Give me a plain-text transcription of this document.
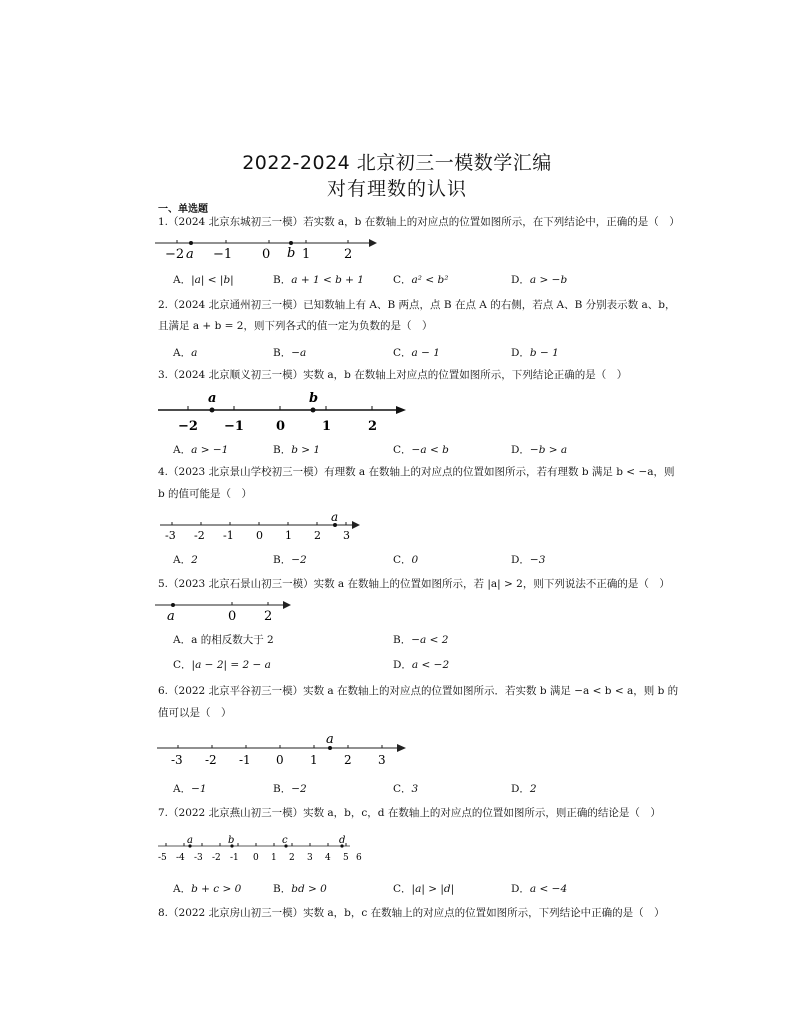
2022-2024 北京初三一模数学汇编
对有理数的认识
一、单选题
1.（2024 北京东城初三一模）若实数 a，b 在数轴上的对应点的位置如图所示，在下列结论中，正确的是（　）
−2 a −1 0 b 1	2
A．|a| < |b|	B．a + 1 < b + 1	C．a² < b²	D．a > −b
2.（2024 北京通州初三一模）已知数轴上有 A、B 两点，点 B 在点 A 的右侧，若点 A、B 分别表示数 a、b，
且满足 a + b = 2，则下列各式的值一定为负数的是（　）
A．a	B．−a	C．a − 1	D．b − 1
3.（2024 北京顺义初三一模）实数 a，b 在数轴上对应点的位置如图所示，下列结论正确的是（　）
a	b
−2 −1 0	1	2
A．a > −1	B．b > 1	C．−a < b	D．−b > a
4.（2023 北京景山学校初三一模）有理数 a 在数轴上的对应点的位置如图所示，若有理数 b 满足 b < −a，则
b 的值可能是（　）
a
-3 -2 -1 0 1 2 3
A．2	B．−2	C．0	D．−3
5.（2023 北京石景山初三一模）实数 a 在数轴上的位置如图所示，若 |a| > 2，则下列说法不正确的是（　）
a	0 2
A．a 的相反数大于 2	B．−a < 2
C．|a − 2| = 2 − a	D．a < −2
6.（2022 北京平谷初三一模）实数 a 在数轴上的对应点的位置如图所示．若实数 b 满足 −a < b < a，则 b 的
值可以是（　）
a
-3 -2 -1 0 1 2 3
A．−1	B．−2	C．3	D．2
7.（2022 北京燕山初三一模）实数 a，b，c，d 在数轴上的对应点的位置如图所示，则正确的结论是（　）
a	b	c	d
-5 -4 -3 -2 -1 0 1 2 3 4 5 6
A．b + c > 0	B．bd > 0	C．|a| > |d|	D．a < −4
8.（2022 北京房山初三一模）实数 a，b，c 在数轴上的对应点的位置如图所示，下列结论中正确的是（　）
